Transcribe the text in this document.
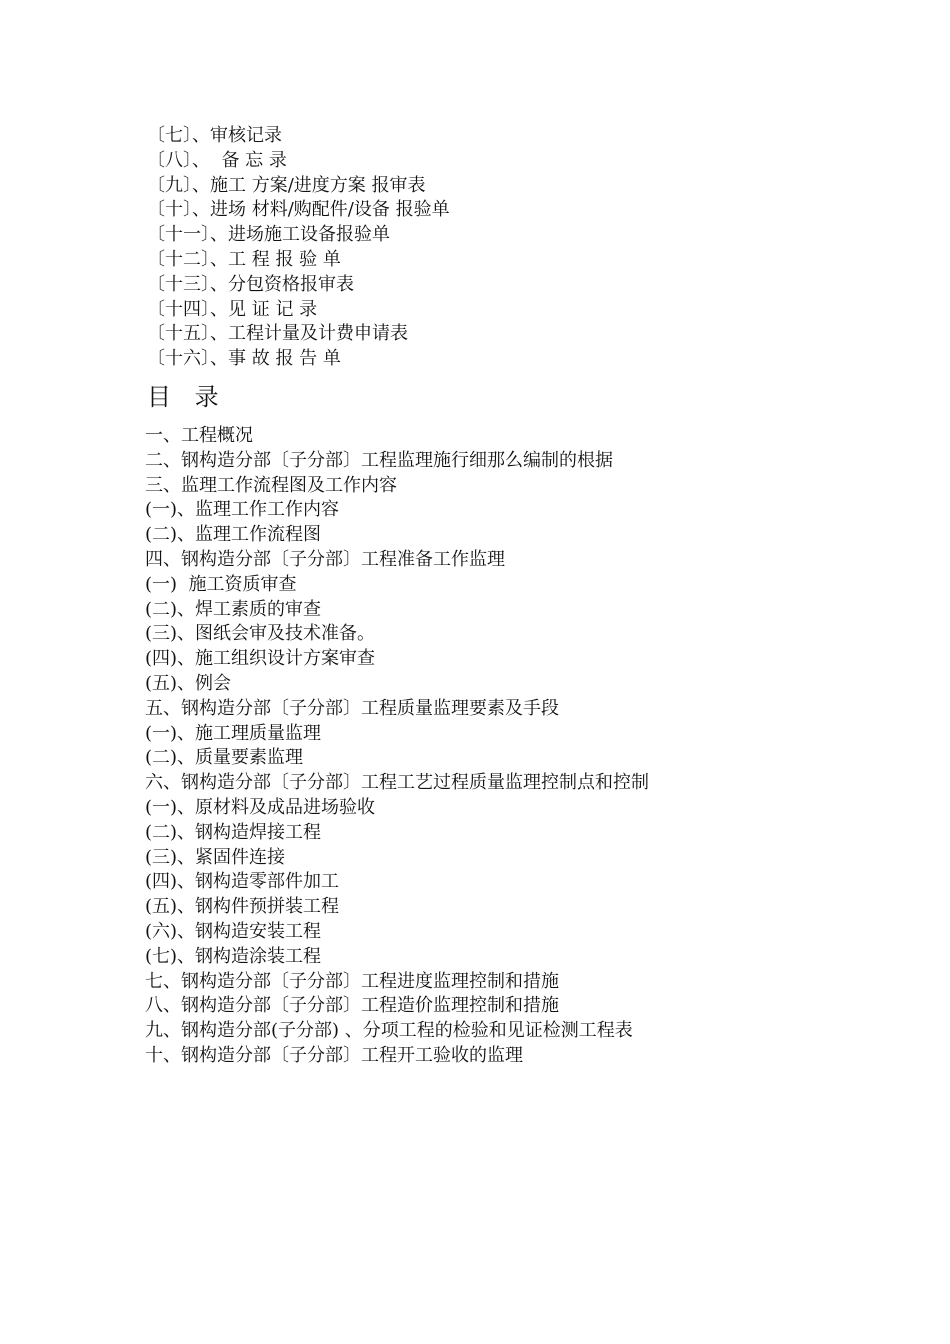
〔七〕、审核记录
〔八〕、  备 忘 录
〔九〕、施工 方案/进度方案 报审表
〔十〕、进场 材料/购配件/设备 报验单
〔十一〕、进场施工设备报验单
〔十二〕、工 程 报 验 单
〔十三〕、分包资格报审表
〔十四〕、见 证 记 录
〔十五〕、工程计量及计费申请表
〔十六〕、事 故 报 告 单
目 录
一、工程概况
二、钢构造分部〔子分部〕工程监理施行细那么编制的根据
三、监理工作流程图及工作内容
(一)、监理工作工作内容
(二)、监理工作流程图
四、钢构造分部〔子分部〕工程准备工作监理
(一)  施工资质审查
(二)、焊工素质的审查
(三)、图纸会审及技术准备。
(四)、施工组织设计方案审查
(五)、例会
五、钢构造分部〔子分部〕工程质量监理要素及手段
(一)、施工理质量监理
(二)、质量要素监理
六、钢构造分部〔子分部〕工程工艺过程质量监理控制点和控制
(一)、原材料及成品进场验收
(二)、钢构造焊接工程
(三)、紧固件连接
(四)、钢构造零部件加工
(五)、钢构件预拼装工程
(六)、钢构造安装工程
(七)、钢构造涂装工程
七、钢构造分部〔子分部〕工程进度监理控制和措施
八、钢构造分部〔子分部〕工程造价监理控制和措施
九、钢构造分部(子分部) 、分项工程的检验和见证检测工程表
十、钢构造分部〔子分部〕工程开工验收的监理
